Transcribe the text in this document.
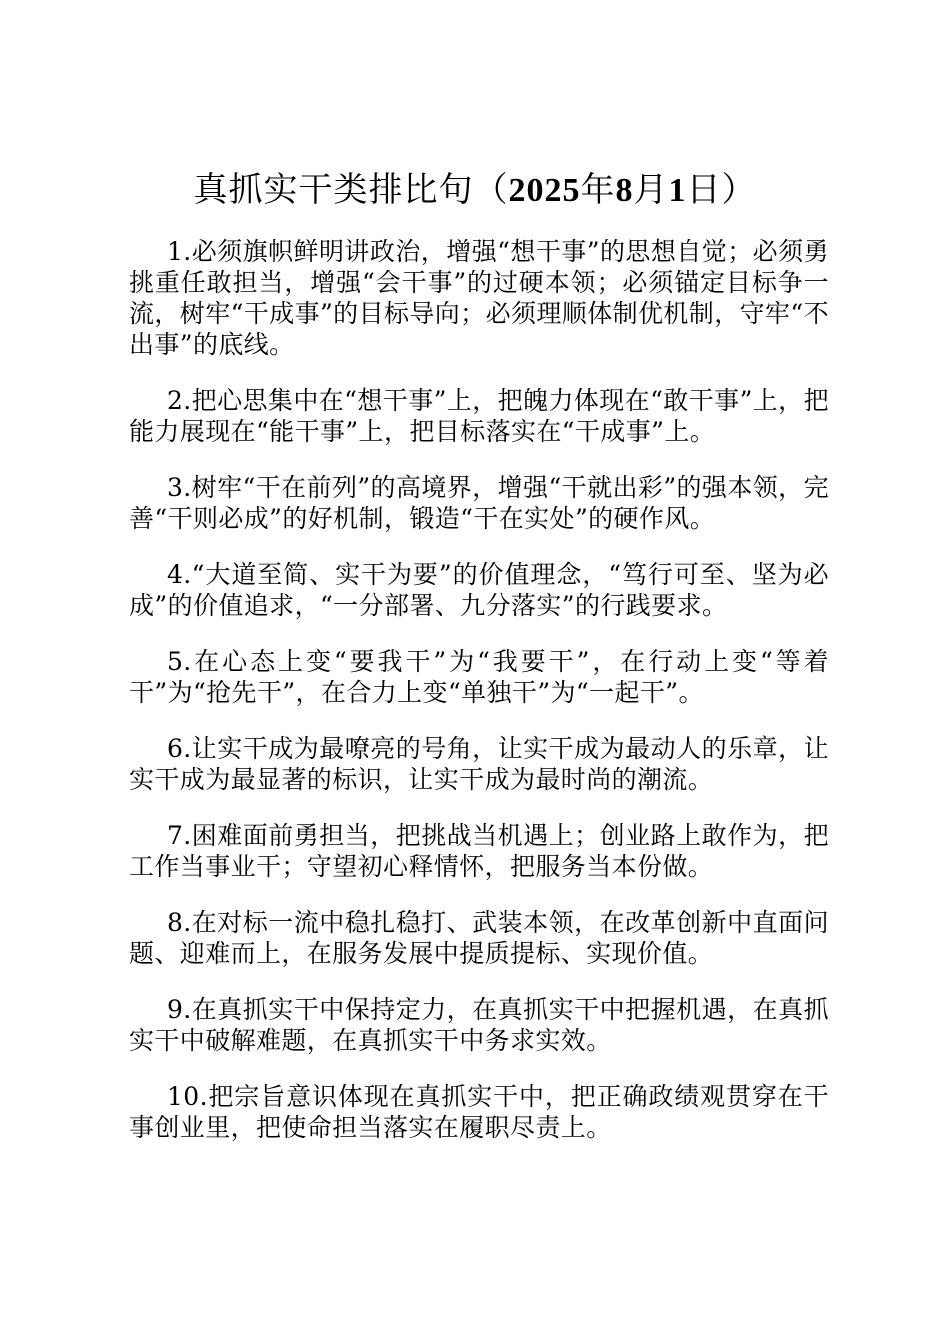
真抓实干类排比句（2025年8月1日）

1.必须旗帜鲜明讲政治，增强“想干事”的思想自觉；必须勇挑重任敢担当，增强“会干事”的过硬本领；必须锚定目标争一流，树牢“干成事”的目标导向；必须理顺体制优机制，守牢“不出事”的底线。

2.把心思集中在“想干事”上，把魄力体现在“敢干事”上，把能力展现在“能干事”上，把目标落实在“干成事”上。

3.树牢“干在前列”的高境界，增强“干就出彩”的强本领，完善“干则必成”的好机制，锻造“干在实处”的硬作风。

4.“大道至简、实干为要”的价值理念，“笃行可至、坚为必成”的价值追求，“一分部署、九分落实”的行践要求。

5.在心态上变“要我干”为“我要干”，在行动上变“等着干”为“抢先干”，在合力上变“单独干”为“一起干”。

6.让实干成为最嘹亮的号角，让实干成为最动人的乐章，让实干成为最显著的标识，让实干成为最时尚的潮流。

7.困难面前勇担当，把挑战当机遇上；创业路上敢作为，把工作当事业干；守望初心释情怀，把服务当本份做。

8.在对标一流中稳扎稳打、武装本领，在改革创新中直面问题、迎难而上，在服务发展中提质提标、实现价值。

9.在真抓实干中保持定力，在真抓实干中把握机遇，在真抓实干中破解难题，在真抓实干中务求实效。

10.把宗旨意识体现在真抓实干中，把正确政绩观贯穿在干事创业里，把使命担当落实在履职尽责上。
